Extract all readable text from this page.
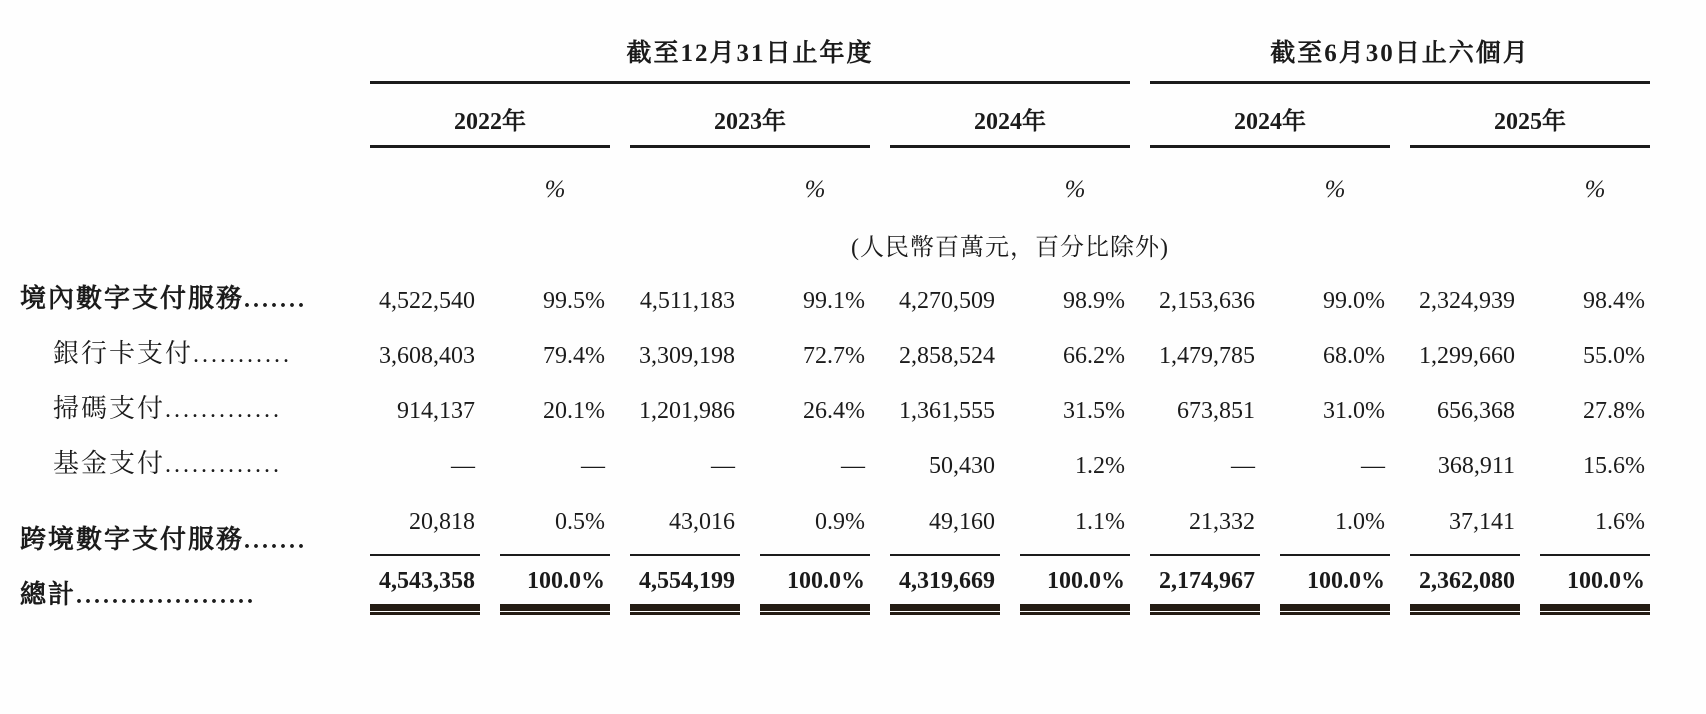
	截至12月31日止年度						截至6月30日止六個月			
	2022年		2023年		2024年		2024年		2025年	
		%		%		%		%		%
	(人民幣百萬元，百分比除外)									

境內數字支付服務 .......	4,522,540	99.5%	4,511,183	99.1%	4,270,509	98.9%	2,153,636	99.0%	2,324,939	98.4%

銀行卡支付 ...........	3,608,403	79.4%	3,309,198	72.7%	2,858,524	66.2%	1,479,785	68.0%	1,299,660	55.0%

掃碼支付 .............	914,137	20.1%	1,201,986	26.4%	1,361,555	31.5%	673,851	31.0%	656,368	27.8%

基金支付 .............	—	—	—	—	50,430	1.2%	—	—	368,911	15.6%

跨境數字支付服務 .......	20,818	0.5%	43,016	0.9%	49,160	1.1%	21,332	1.0%	37,141	1.6%

總計 ....................	4,543,358	100.0%	4,554,199	100.0%	4,319,669	100.0%	2,174,967	100.0%	2,362,080	100.0%
